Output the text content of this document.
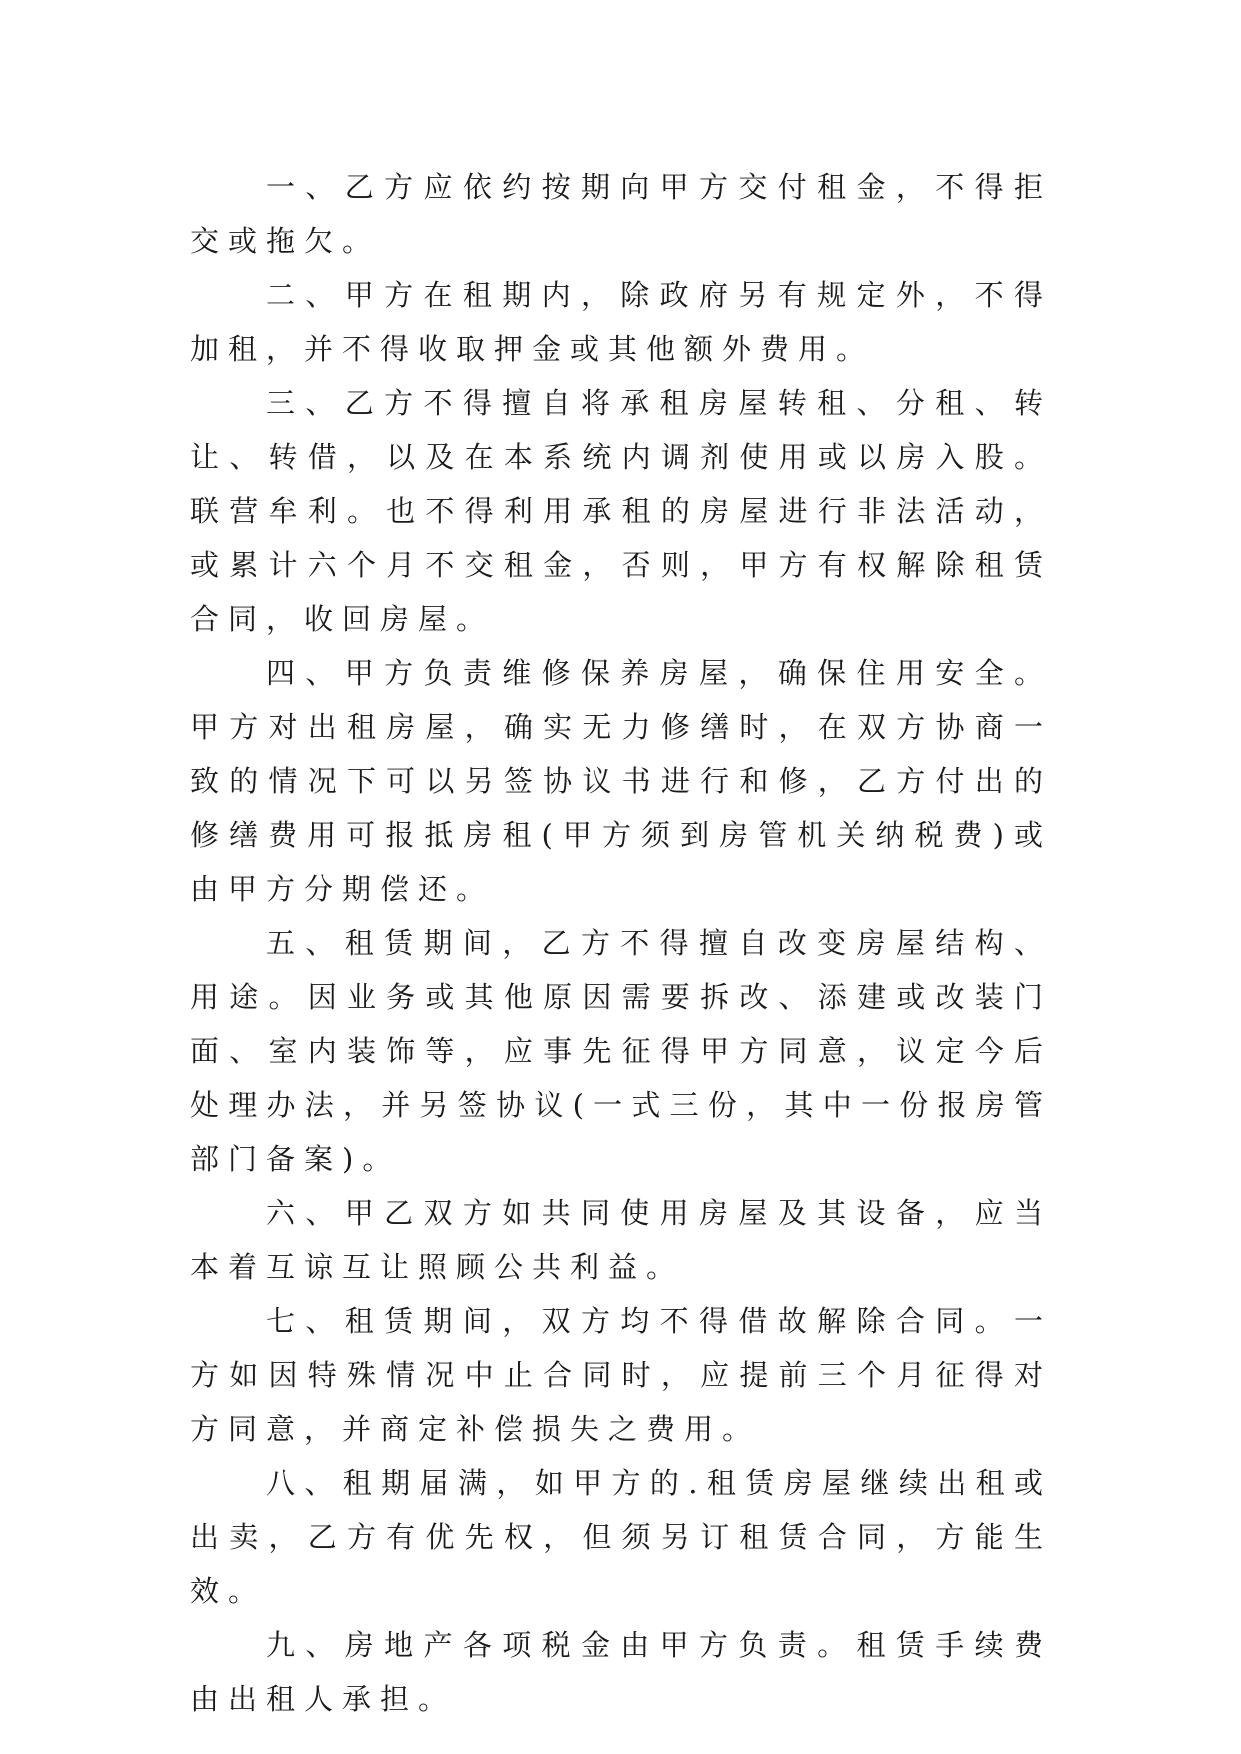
一、乙方应依约按期向甲方交付租金，不得拒交或拖欠。

二、甲方在租期内，除政府另有规定外，不得加租，并不得收取押金或其他额外费用。

三、乙方不得擅自将承租房屋转租、分租、转让、转借，以及在本系统内调剂使用或以房入股。联营牟利。也不得利用承租的房屋进行非法活动，或累计六个月不交租金，否则，甲方有权解除租赁合同，收回房屋。

四、甲方负责维修保养房屋，确保住用安全。甲方对出租房屋，确实无力修缮时，在双方协商一致的情况下可以另签协议书进行和修，乙方付出的修缮费用可报抵房租(甲方须到房管机关纳税费)或由甲方分期偿还。

五、租赁期间，乙方不得擅自改变房屋结构、用途。因业务或其他原因需要拆改、添建或改装门面、室内装饰等，应事先征得甲方同意，议定今后处理办法，并另签协议(一式三份，其中一份报房管部门备案)。

六、甲乙双方如共同使用房屋及其设备，应当本着互谅互让照顾公共利益。

七、租赁期间，双方均不得借故解除合同。一方如因特殊情况中止合同时，应提前三个月征得对方同意，并商定补偿损失之费用。

八、租期届满，如甲方的.租赁房屋继续出租或出卖，乙方有优先权，但须另订租赁合同，方能生效。

九、房地产各项税金由甲方负责。租赁手续费由出租人承担。
